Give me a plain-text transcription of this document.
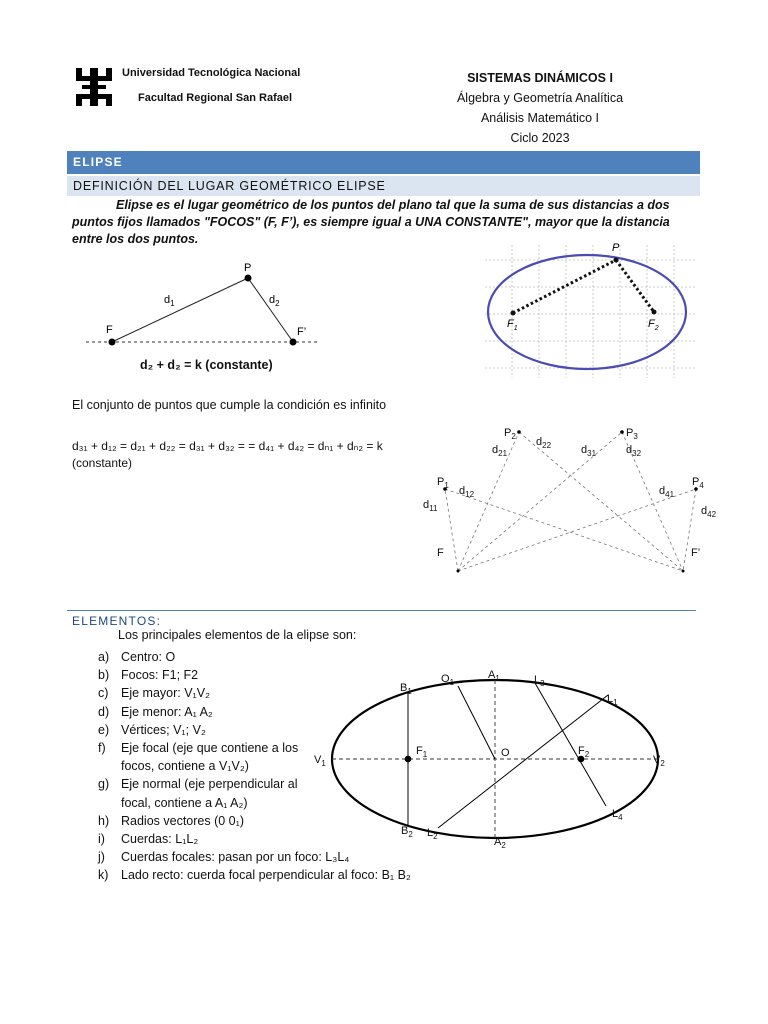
Universidad Tecnológica Nacional
Facultad Regional San Rafael
SISTEMAS DINÁMICOS I
Álgebra y Geometría Analítica
Análisis Matemático I
Ciclo 2023
ELIPSE
DEFINICIÓN DEL LUGAR GEOMÉTRICO ELIPSE
Elipse es el lugar geométrico de los puntos del plano tal que la suma de sus distancias a dos puntos fijos llamados "FOCOS" (F, F’), es siempre igual a UNA CONSTANTE", mayor que la distancia entre los dos puntos.
P
F	F’
$d_1$	$d_2$
d₂ + d₂ = k (constante)
P
$F_1$	$F_2$
El conjunto de puntos que cumple la condición es infinito
d₃₁ + d₁₂ = d₂₁ + d₂₂ = d₃₁ + d₃₂ = = d₄₁ + d₄₂ = dₙ₁ + dₙ₂ = k (constante)
F	F’
$P_1$
$P_2$	$P_3$
$P_4$
$d_{11}$
$d_{12}$
$d_{21}$
$d_{22}$	$d_{31}$	$d_{32}$
$d_{41}$
$d_{42}$
ELEMENTOS:
Los principales elementos de la elipse son:
a) Centro: O
b) Focos: F1; F2
c)	Eje mayor: V₁V₂
d) Eje menor: A₁ A₂
e) Vértices; V₁; V₂
f)	Eje focal (eje que contiene a los focos, contiene a V₁V₂)
g) Eje normal (eje perpendicular al focal, contiene a A₁ A₂)
h) Radios vectores (0 0₁)
i)	Cuerdas: L₁L₂
j)	Cuerdas focales: pasan por un foco: L₃L₄
k)	Lado recto: cuerda focal perpendicular al foco: B₁ B₂
$V_1$	$V_2$
$A_1$
$A_2$
$B_1$
$B_2$
$F_1$	$F_2$
O
$O_1$
$L_1$
$L_2$
$L_3$
$L_4$
